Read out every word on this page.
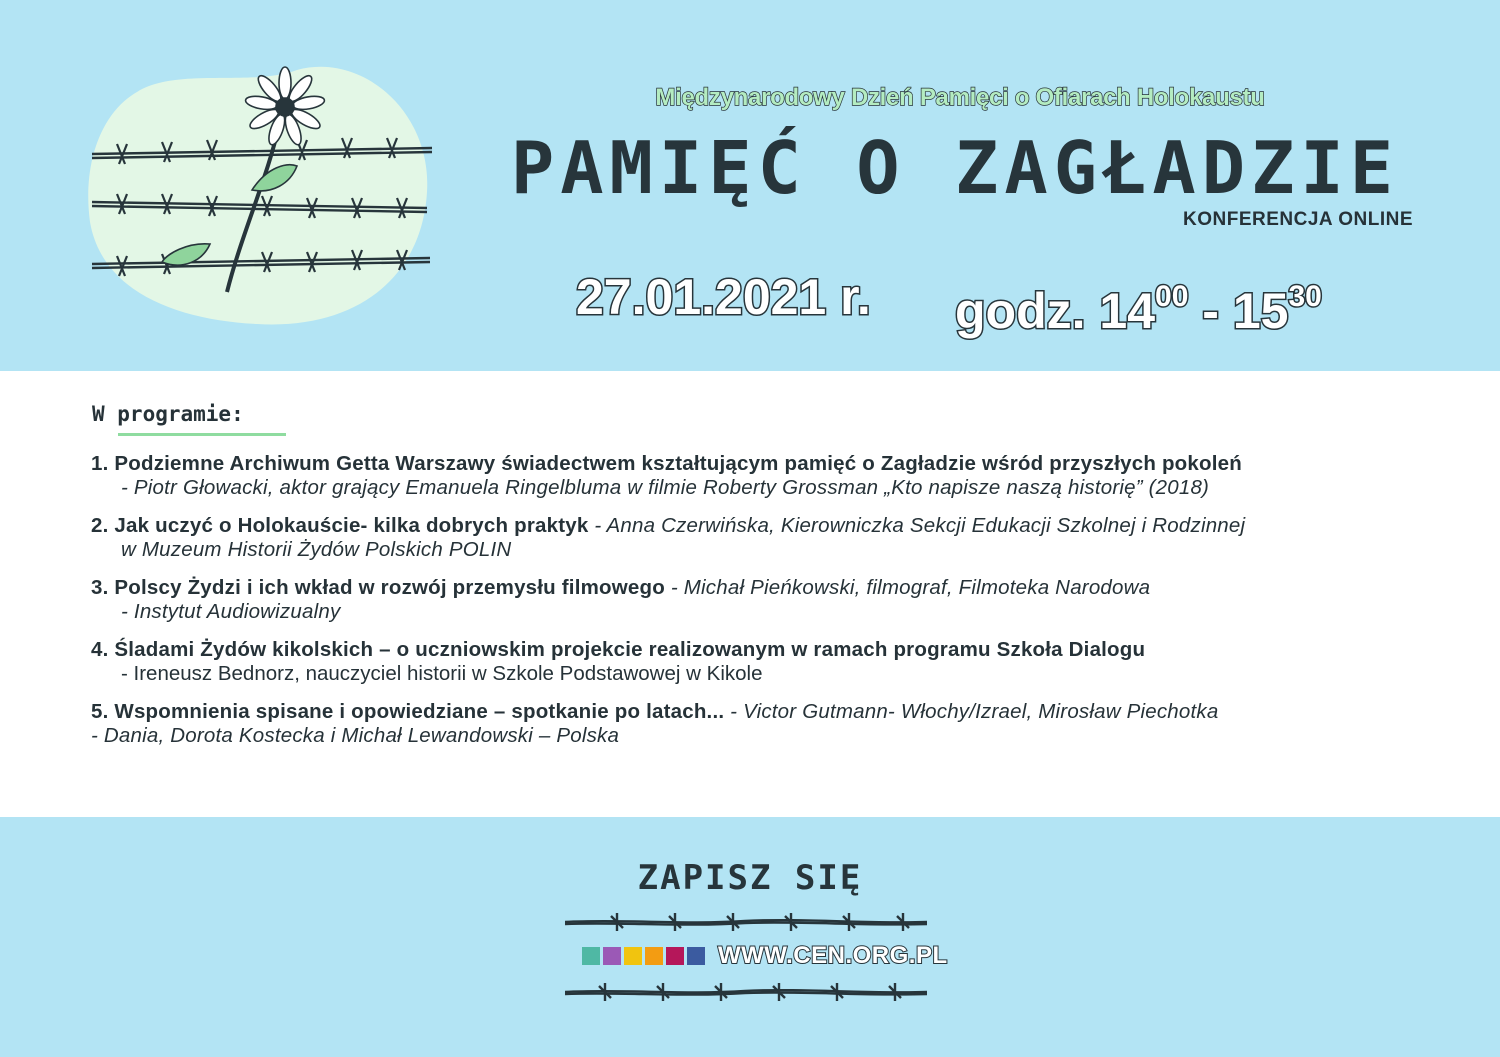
Międzynarodowy Dzień Pamięci o Ofiarach Holokaustu
PAMIĘĆ O ZAGŁADZIE
KONFERENCJA ONLINE
27.01.2021 r. godz. $14^{00} - 15^{30}$
W programie:
1. Podziemne Archiwum Getta Warszawy świadectwem kształtującym pamięć o Zagładzie wśród przyszłych pokoleń
- Piotr Głowacki, aktor grający Emanuela Ringelbluma w filmie Roberty Grossman „Kto napisze naszą historię” (2018)
2. Jak uczyć o Holokauście- kilka dobrych praktyk - Anna Czerwińska, Kierowniczka Sekcji Edukacji Szkolnej i Rodzinnej
w Muzeum Historii Żydów Polskich POLIN
3. Polscy Żydzi i ich wkład w rozwój przemysłu filmowego - Michał Pieńkowski, filmograf, Filmoteka Narodowa
- Instytut Audiowizualny
4. Śladami Żydów kikolskich – o uczniowskim projekcie realizowanym w ramach programu Szkoła Dialogu
- Ireneusz Bednorz, nauczyciel historii w Szkole Podstawowej w Kikole
5. Wspomnienia spisane i opowiedziane – spotkanie po latach... - Victor Gutmann- Włochy/Izrael, Mirosław Piechotka
- Dania, Dorota Kostecka i Michał Lewandowski – Polska
ZAPISZ SIĘ
WWW.CEN.ORG.PL
